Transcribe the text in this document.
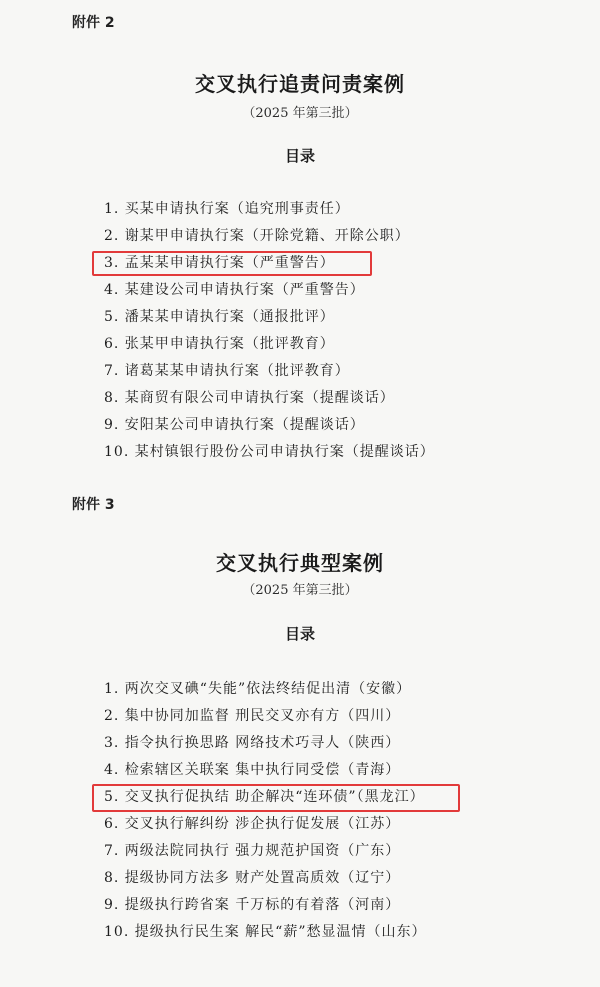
附件 2
交叉执行追责问责案例
（2025 年第三批）
目录
1. 买某申请执行案（追究刑事责任）
2. 谢某甲申请执行案（开除党籍、开除公职）
3. 孟某某申请执行案（严重警告）
4. 某建设公司申请执行案（严重警告）
5. 潘某某申请执行案（通报批评）
6. 张某甲申请执行案（批评教育）
7. 诸葛某某申请执行案（批评教育）
8. 某商贸有限公司申请执行案（提醒谈话）
9. 安阳某公司申请执行案（提醒谈话）
10. 某村镇银行股份公司申请执行案（提醒谈话）
附件 3
交叉执行典型案例
（2025 年第三批）
目录
1. 两次交叉碘“失能”依法终结促出清（安徽）
2. 集中协同加监督 刑民交叉亦有方（四川）
3. 指令执行换思路 网络技术巧寻人（陕西）
4. 检索辖区关联案 集中执行同受偿（青海）
5. 交叉执行促执结 助企解决“连环债”（黑龙江）
6. 交叉执行解纠纷 涉企执行促发展（江苏）
7. 两级法院同执行 强力规范护国资（广东）
8. 提级协同方法多 财产处置高质效（辽宁）
9. 提级执行跨省案 千万标的有着落（河南）
10. 提级执行民生案 解民“薪”愁显温情（山东）
